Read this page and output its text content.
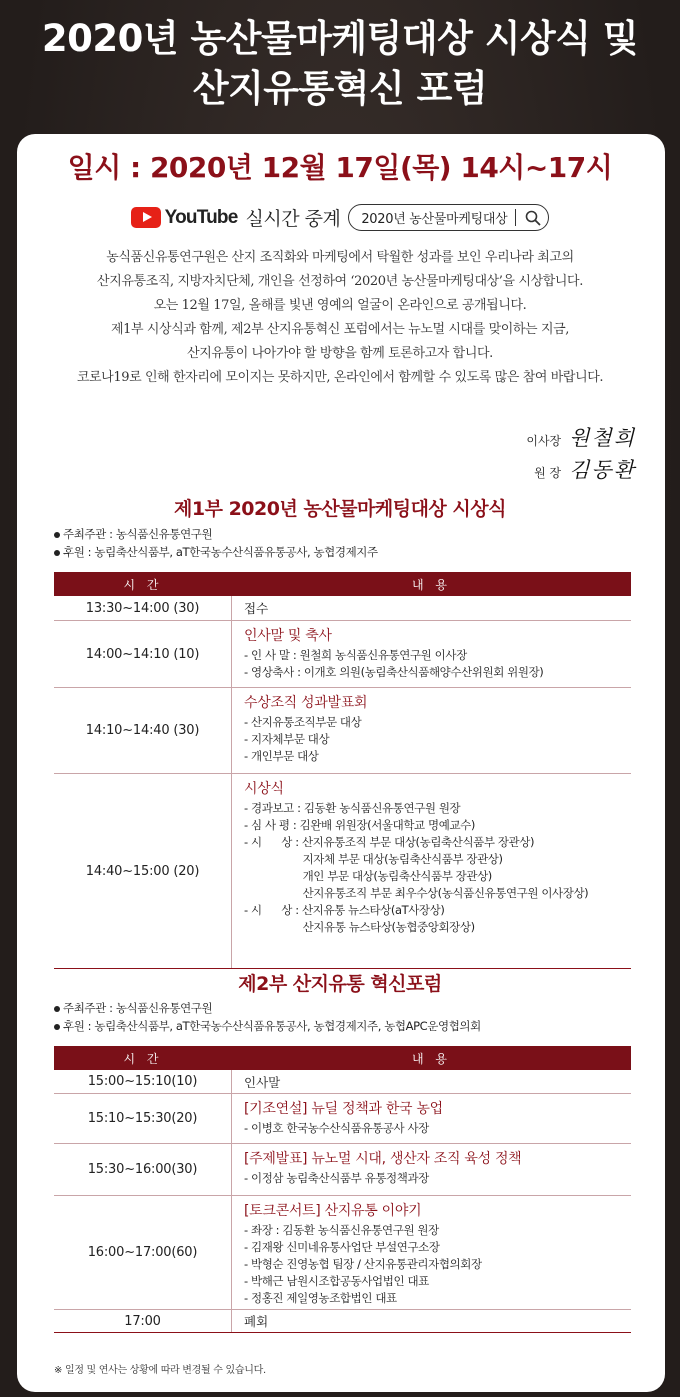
2020년 농산물마케팅대상 시상식 및
산지유통혁신 포럼
일시 : 2020년 12월 17일(목) 14시~17시
YouTube 실시간 중계 2020년 농산물마케팅대상
농식품신유통연구원은 산지 조직화와 마케팅에서 탁월한 성과를 보인 우리나라 최고의
산지유통조직, 지방자치단체, 개인을 선정하여 ‘2020년 농산물마케팅대상’을 시상합니다.
오는 12월 17일, 올해를 빛낸 영예의 얼굴이 온라인으로 공개됩니다.
제1부 시상식과 함께, 제2부 산지유통혁신 포럼에서는 뉴노멀 시대를 맞이하는 지금,
산지유통이 나아가야 할 방향을 함께 토론하고자 합니다.
코로나19로 인해 한자리에 모이지는 못하지만, 온라인에서 함께할 수 있도록 많은 참여 바랍니다.
이사장 원철희
원 장 김동환
제1부 2020년 농산물마케팅대상 시상식
주최주관 : 농식품신유통연구원
후원 : 농림축산식품부, aT한국농수산식품유통공사, 농협경제지주
시 간	내 용
13:30~14:00 (30)	접수
14:00~14:10 (10)
인사말 및 축사
- 인 사 말 : 원철희 농식품신유통연구원 이사장
- 영상축사 : 이개호 의원(농림축산식품해양수산위원회 위원장)
14:10~14:40 (30)
수상조직 성과발표회
- 산지유통조직부문 대상
- 지자체부문 대상
- 개인부문 대상
14:40~15:00 (20)
시상식
- 경과보고 : 김동환 농식품신유통연구원 원장
- 심 사 평 : 김완배 위원장(서울대학교 명예교수)
- 시      상 : 산지유통조직 부문 대상(농림축산식품부 장관상)
지자체 부문 대상(농림축산식품부 장관상)
개인 부문 대상(농림축산식품부 장관상)
산지유통조직 부문 최우수상(농식품신유통연구원 이사장상)
- 시      상 : 산지유통 뉴스타상(aT사장상)
산지유통 뉴스타상(농협중앙회장상)
제2부 산지유통 혁신포럼
주최주관 : 농식품신유통연구원
후원 : 농림축산식품부, aT한국농수산식품유통공사, 농협경제지주, 농협APC운영협의회
시 간	내 용
15:00~15:10(10)	인사말
15:10~15:30(20)
[기조연설] 뉴딜 정책과 한국 농업
- 이병호 한국농수산식품유통공사 사장
15:30~16:00(30)
[주제발표] 뉴노멀 시대, 생산자 조직 육성 정책
- 이정삼 농림축산식품부 유통정책과장
16:00~17:00(60)
[토크콘서트] 산지유통 이야기
- 좌장 : 김동환 농식품신유통연구원 원장
- 김재왕 신미네유통사업단 부설연구소장
- 박형순 진영농협 팀장 / 산지유통관리자협의회장
- 박해근 남원시조합공동사업법인 대표
- 정홍진 제일영농조합법인 대표
17:00	폐회
※ 일정 및 연사는 상황에 따라 변경될 수 있습니다.
